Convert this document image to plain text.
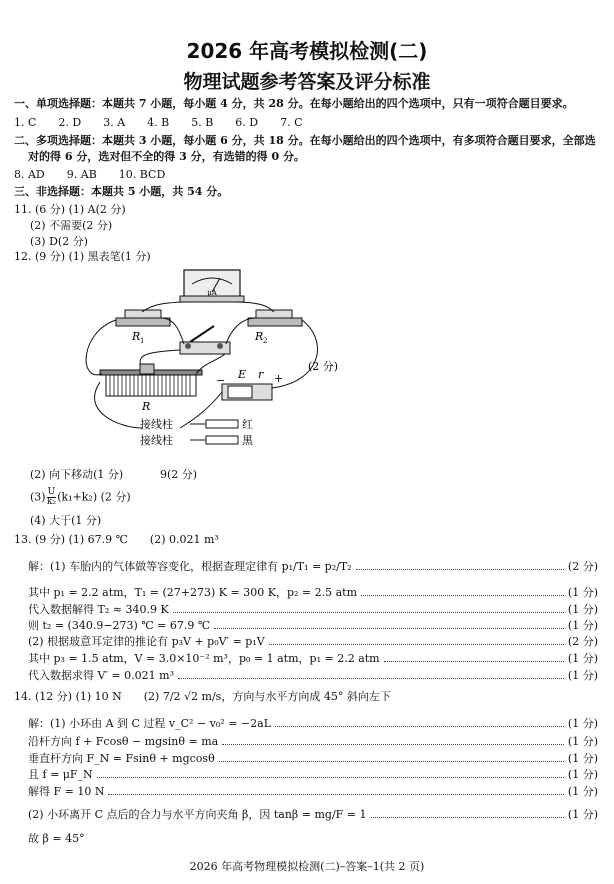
2026 年高考模拟检测(二)
物理试题参考答案及评分标准
一、单项选择题：本题共 7 小题，每小题 4 分，共 28 分。在每小题给出的四个选项中，只有一项符合题目要求。
1. C　　2. D　　3. A　　4. B　　5. B　　6. D　　7. C
二、多项选择题：本题共 3 小题，每小题 6 分，共 18 分。在每小题给出的四个选项中，有多项符合题目要求，全部选
对的得 6 分，选对但不全的得 3 分，有选错的得 0 分。
8. AD　　9. AB　　10. BCD
三、非选择题：本题共 5 小题，共 54 分。
11. (6 分) (1) A(2 分)
(2) 不需要(2 分)
(3) D(2 分)
12. (9 分) (1) 黑表笔(1 分)
μA
R 1	R 2
R
− E r +
接线柱
接线柱
红
黑
(2 分)
(2) 向下移动(1 分)	9(2 分)
$(3) \frac{U}{\text{k₂}} (k_1+k_2)$ (2 分)
(4) 大于(1 分)
13. (9 分) (1) 67.9 ℃　　(2) 0.021 m³
解：(1) 车胎内的气体做等容变化，根据查理定律有 p₁/T₁ = p₂/T₂	(2 分)
其中 p₁ = 2.2 atm，T₁ = (27+273) K = 300 K，p₂ = 2.5 atm	(1 分)
代入数据解得 T₂ ≈ 340.9 K	(1 分)
则 t₂ = (340.9−273) ℃ = 67.9 ℃	(1 分)
(2) 根据玻意耳定律的推论有 p₃V + p₀V′ = p₁V	(2 分)
其中 p₃ = 1.5 atm，V = 3.0×10⁻² m³，p₀ = 1 atm，p₁ = 2.2 atm	(1 分)
代入数据求得 V′ = 0.021 m³	(1 分)
14. (12 分) (1) 10 N　　(2) 7/2 √2 m/s，方向与水平方向成 45° 斜向左下
解：(1) 小环由 A 到 C 过程 v_C² − v₀² = −2aL	(1 分)
沿杆方向 f + Fcosθ − mgsinθ = ma	(1 分)
垂直杆方向 F_N = Fsinθ + mgcosθ	(1 分)
且 f = μF_N	(1 分)
解得 F = 10 N	(1 分)
(2) 小环离开 C 点后的合力与水平方向夹角 β，因 tanβ = mg/F = 1	(1 分)
故 β = 45°
2026 年高考物理模拟检测(二)–答案–1(共 2 页)
